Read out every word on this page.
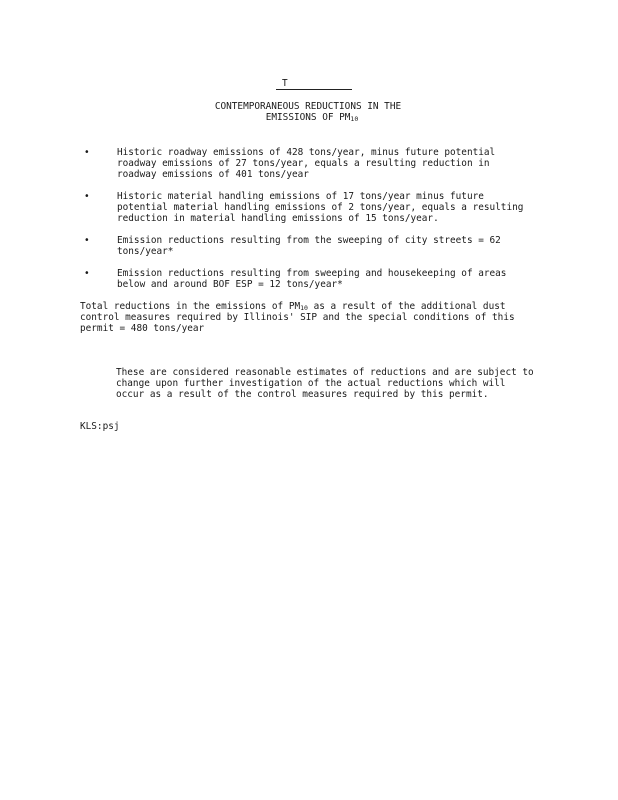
T
CONTEMPORANEOUS REDUCTIONS IN THE
EMISSIONS OF $PM_{10}$
•	Historic roadway emissions of 428 tons/year, minus future potential roadway emissions of 27 tons/year, equals a resulting reduction in roadway emissions of 401 tons/year
•	Historic material handling emissions of 17 tons/year minus future potential material handling emissions of 2 tons/year, equals a resulting reduction in material handling emissions of 15 tons/year.
•	Emission reductions resulting from the sweeping of city streets = 62 tons/year*
•	Emission reductions resulting from sweeping and housekeeping of areas below and around BOF ESP = 12 tons/year*
Total reductions in the emissions of $PM_{10}$ as a result of the additional dust control measures required by Illinois' SIP and the special conditions of this permit = 480 tons/year
These are considered reasonable estimates of reductions and are subject to change upon further investigation of the actual reductions which will occur as a result of the control measures required by this permit.
KLS:psj
